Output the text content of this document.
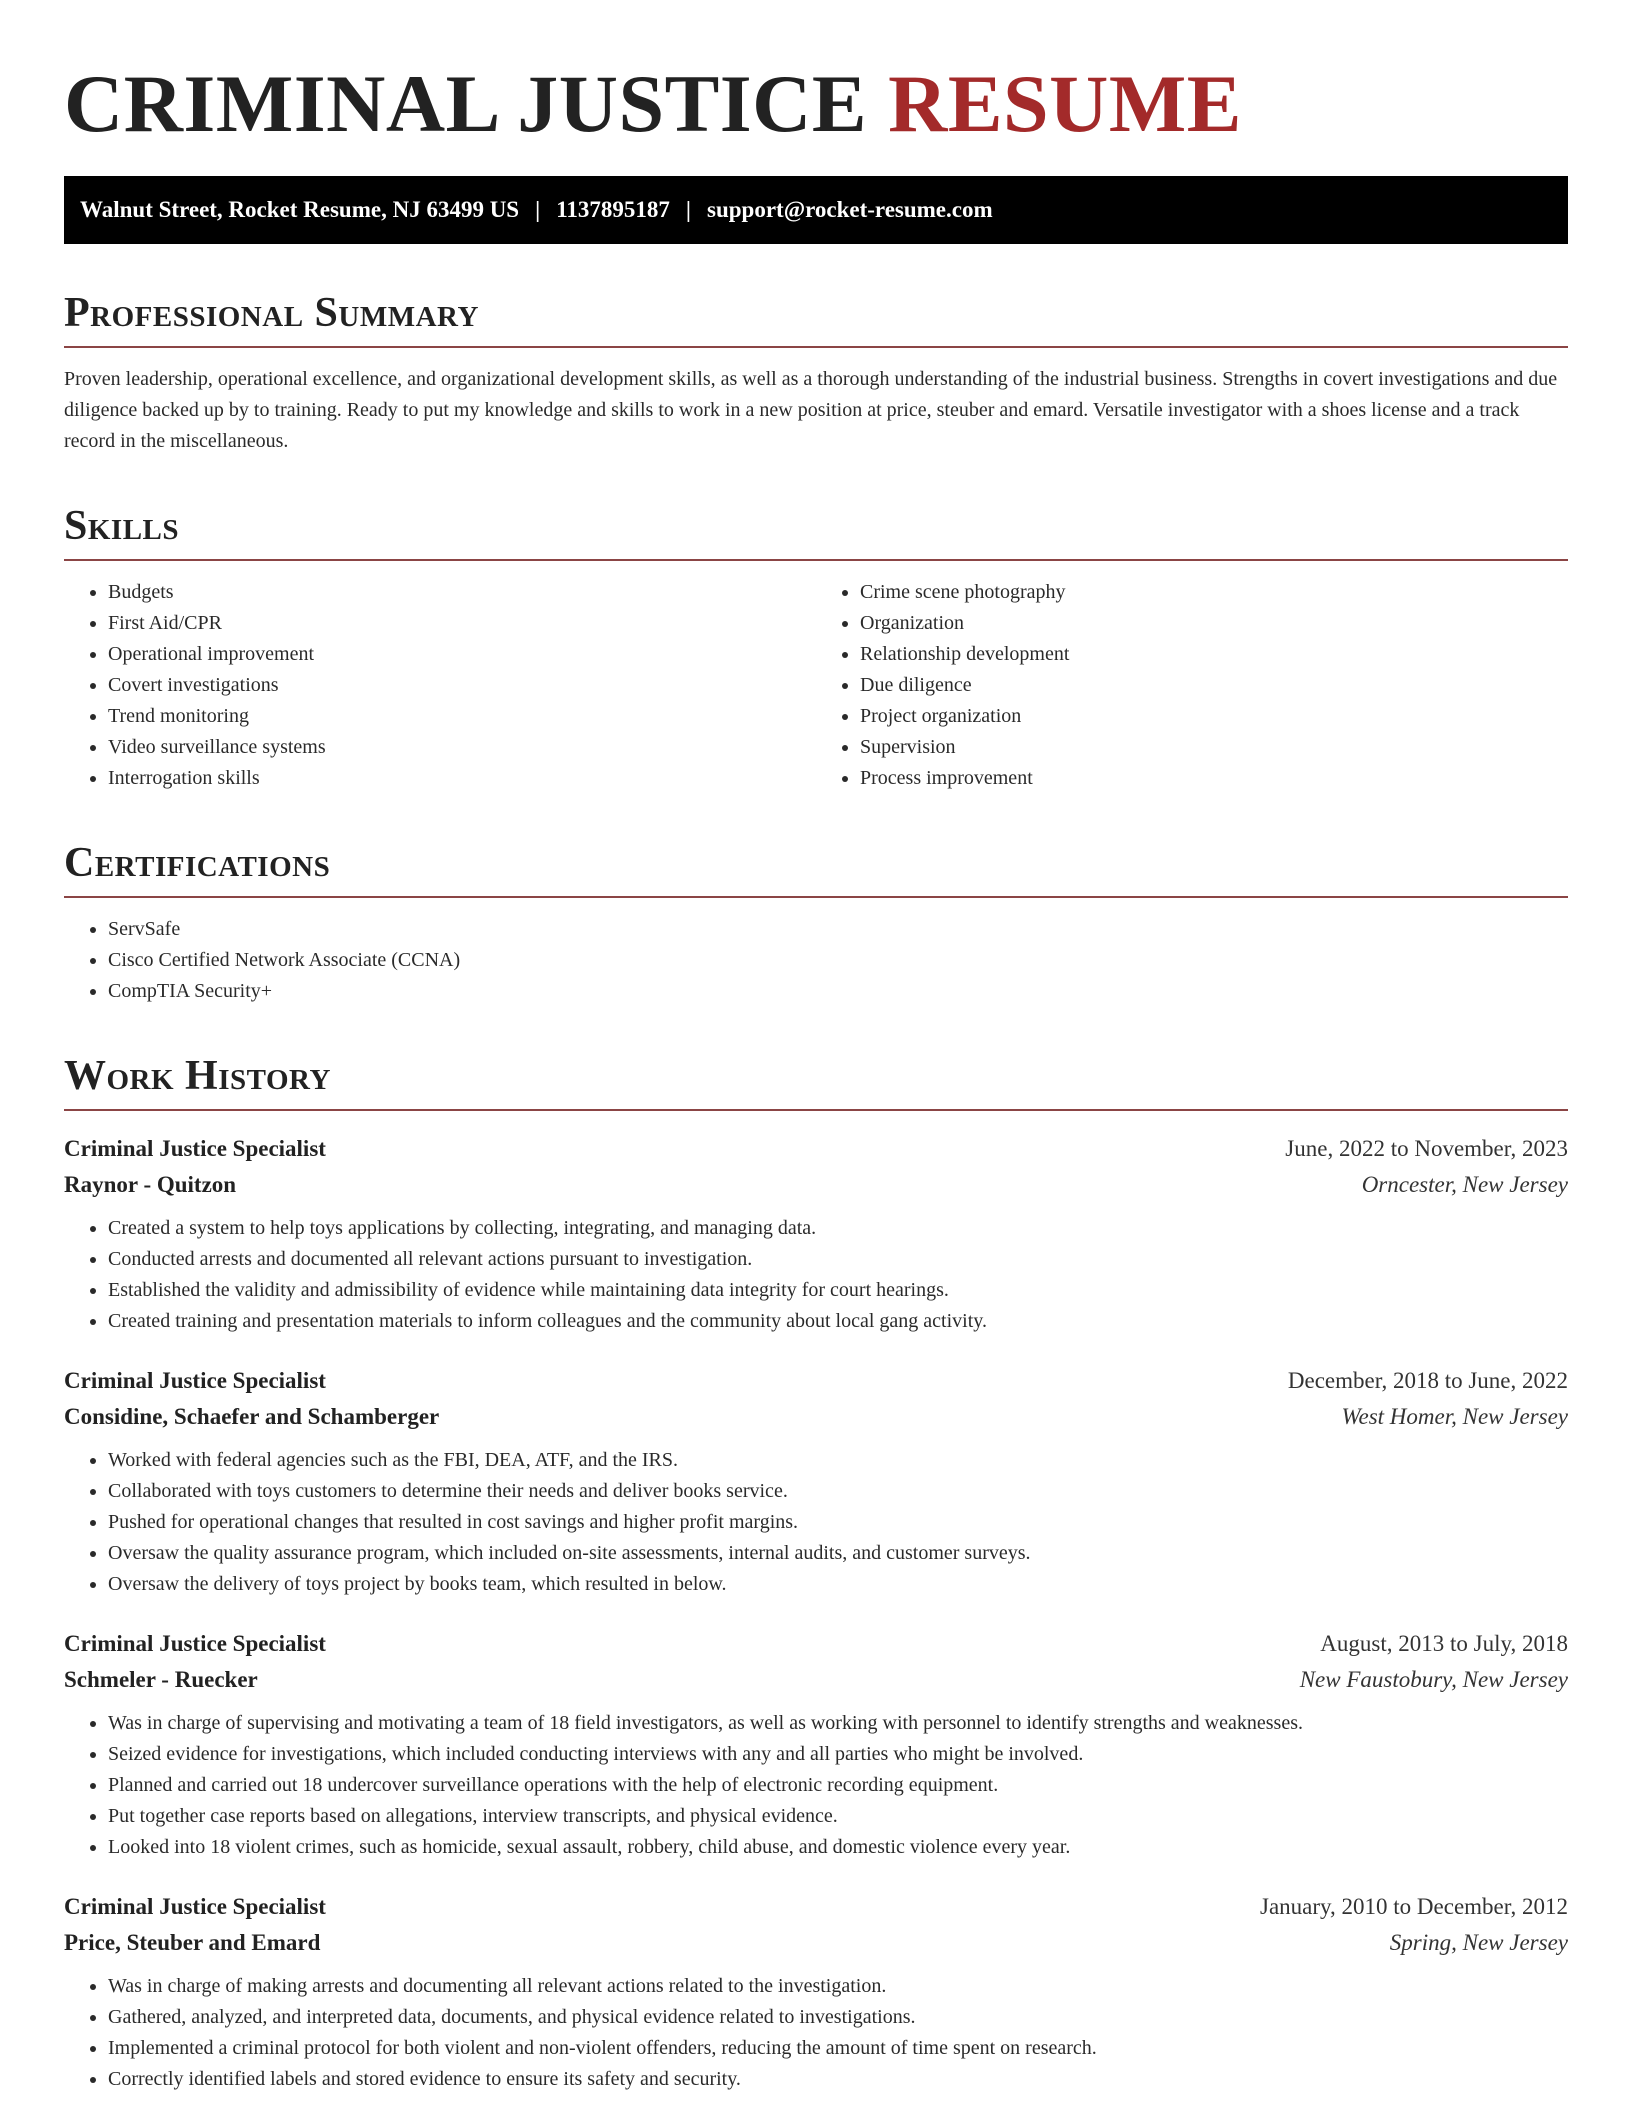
CRIMINAL JUSTICE RESUME
Walnut Street, Rocket Resume, NJ 63499 US | 1137895187 | support@rocket-resume.com
Professional Summary

Proven leadership, operational excellence, and organizational development skills, as well as a thorough understanding of the industrial business. Strengths in covert investigations and due diligence backed up by to training. Ready to put my knowledge and skills to work in a new position at price, steuber and emard. Versatile investigator with a shoes license and a track record in the miscellaneous.

Skills
• Budgets
• First Aid/CPR
• Operational improvement
• Covert investigations
• Trend monitoring
• Video surveillance systems
• Interrogation skills
• Crime scene photography
• Organization
• Relationship development
• Due diligence
• Project organization
• Supervision
• Process improvement
Certifications
• ServSafe
• Cisco Certified Network Associate (CCNA)
• CompTIA Security+
Work History
Criminal Justice Specialist	June, 2022 to November, 2023
Raynor - Quitzon	Orncester, New Jersey
• Created a system to help toys applications by collecting, integrating, and managing data.
• Conducted arrests and documented all relevant actions pursuant to investigation.
• Established the validity and admissibility of evidence while maintaining data integrity for court hearings.
• Created training and presentation materials to inform colleagues and the community about local gang activity.
Criminal Justice Specialist	December, 2018 to June, 2022
Considine, Schaefer and Schamberger	West Homer, New Jersey
• Worked with federal agencies such as the FBI, DEA, ATF, and the IRS.
• Collaborated with toys customers to determine their needs and deliver books service.
• Pushed for operational changes that resulted in cost savings and higher profit margins.
• Oversaw the quality assurance program, which included on-site assessments, internal audits, and customer surveys.
• Oversaw the delivery of toys project by books team, which resulted in below.
Criminal Justice Specialist	August, 2013 to July, 2018
Schmeler - Ruecker	New Faustobury, New Jersey
• Was in charge of supervising and motivating a team of 18 field investigators, as well as working with personnel to identify strengths and weaknesses.
• Seized evidence for investigations, which included conducting interviews with any and all parties who might be involved.
• Planned and carried out 18 undercover surveillance operations with the help of electronic recording equipment.
• Put together case reports based on allegations, interview transcripts, and physical evidence.
• Looked into 18 violent crimes, such as homicide, sexual assault, robbery, child abuse, and domestic violence every year.
Criminal Justice Specialist	January, 2010 to December, 2012
Price, Steuber and Emard	Spring, New Jersey
• Was in charge of making arrests and documenting all relevant actions related to the investigation.
• Gathered, analyzed, and interpreted data, documents, and physical evidence related to investigations.
• Implemented a criminal protocol for both violent and non-violent offenders, reducing the amount of time spent on research.
• Correctly identified labels and stored evidence to ensure its safety and security.
